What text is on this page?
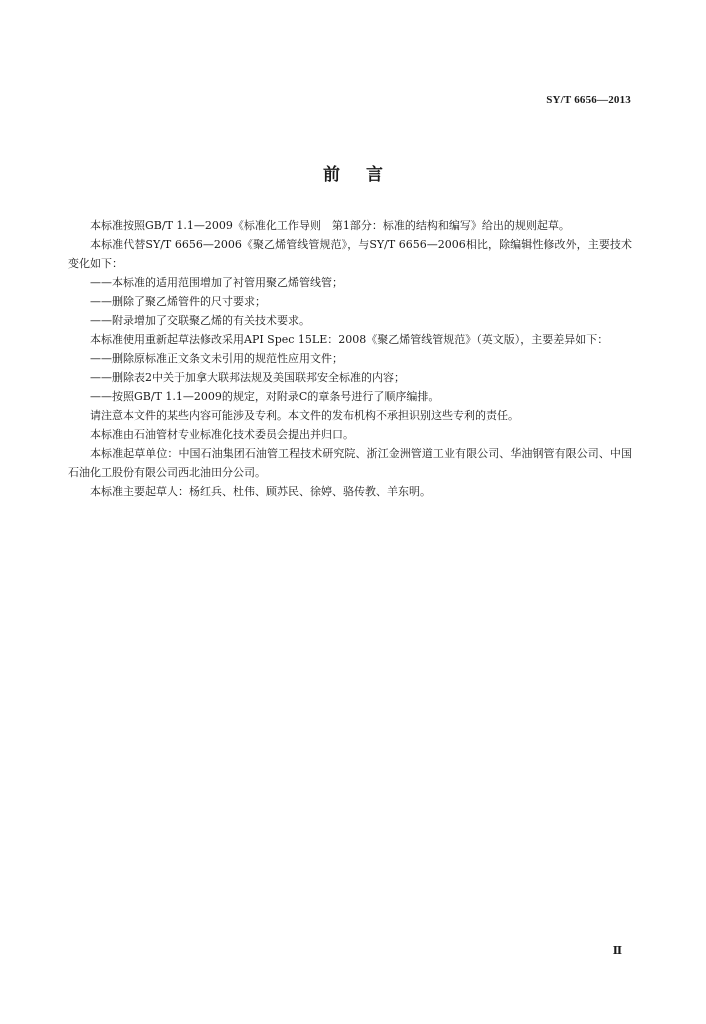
SY/T 6656—2013
前言

本标准按照GB/T 1.1—2009《标准化工作导则　第1部分：标准的结构和编写》给出的规则起草。

本标准代替SY/T 6656—2006《聚乙烯管线管规范》，与SY/T 6656—2006相比，除编辑性修改外，主要技术变化如下：

——本标准的适用范围增加了衬管用聚乙烯管线管；

——删除了聚乙烯管件的尺寸要求；

——附录增加了交联聚乙烯的有关技术要求。

本标准使用重新起草法修改采用API Spec 15LE：2008《聚乙烯管线管规范》（英文版），主要差异如下：

——删除原标准正文条文未引用的规范性应用文件；

——删除表2中关于加拿大联邦法规及美国联邦安全标准的内容；

——按照GB/T 1.1—2009的规定，对附录C的章条号进行了顺序编排。

请注意本文件的某些内容可能涉及专利。本文件的发布机构不承担识别这些专利的责任。

本标准由石油管材专业标准化技术委员会提出并归口。

本标准起草单位：中国石油集团石油管工程技术研究院、浙江金洲管道工业有限公司、华油钢管有限公司、中国石油化工股份有限公司西北油田分公司。

本标准主要起草人：杨红兵、杜伟、顾苏民、徐婷、骆传教、羊东明。

Ⅱ
